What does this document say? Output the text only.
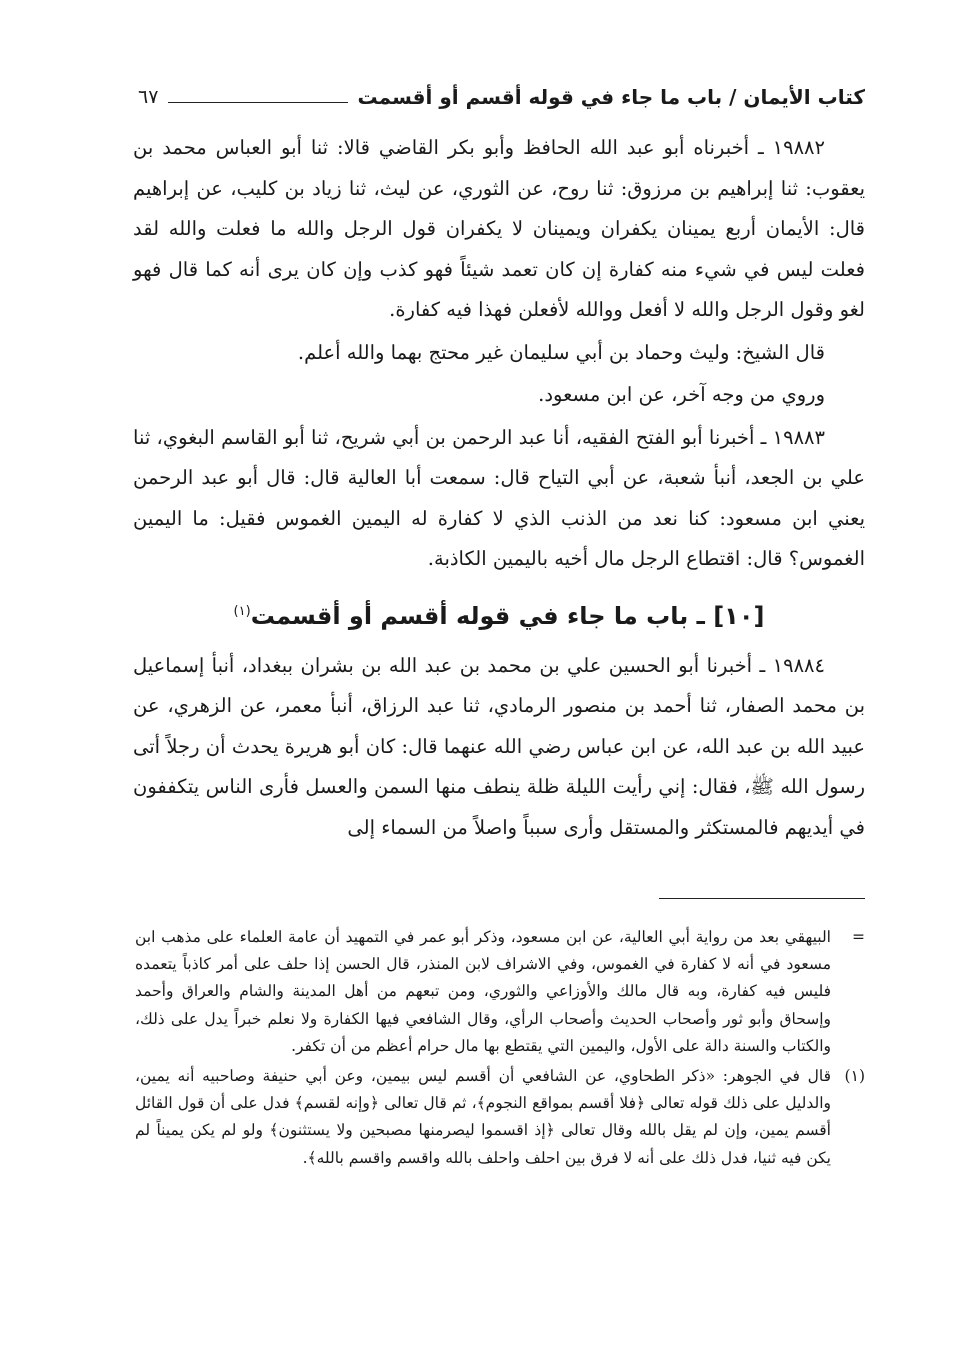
كتاب الأيمان / باب ما جاء في قوله أقسم أو أقسمت
٦٧

١٩٨٨٢ ـ أخبرناه أبو عبد الله الحافظ وأبو بكر القاضي قالا: ثنا أبو العباس محمد بن يعقوب: ثنا إبراهيم بن مرزوق: ثنا روح، عن الثوري، عن ليث، ثنا زياد بن كليب، عن إبراهيم قال: الأيمان أربع يمينان يكفران ويمينان لا يكفران قول الرجل والله ما فعلت والله لقد فعلت ليس في شيء منه كفارة إن كان تعمد شيئاً فهو كذب وإن كان يرى أنه كما قال فهو لغو وقول الرجل والله لا أفعل ووالله لأفعلن فهذا فيه كفارة.

قال الشيخ: وليث وحماد بن أبي سليمان غير محتج بهما والله أعلم.

وروي من وجه آخر، عن ابن مسعود.

١٩٨٨٣ ـ أخبرنا أبو الفتح الفقيه، أنا عبد الرحمن بن أبي شريح، ثنا أبو القاسم البغوي، ثنا علي بن الجعد، أنبأ شعبة، عن أبي التياح قال: سمعت أبا العالية قال: قال أبو عبد الرحمن يعني ابن مسعود: كنا نعد من الذنب الذي لا كفارة له اليمين الغموس فقيل: ما اليمين الغموس؟ قال: اقتطاع الرجل مال أخيه باليمين الكاذبة.

[١٠] ـ باب ما جاء في قوله أقسم أو أقسمت$^{(١)}$

١٩٨٨٤ ـ أخبرنا أبو الحسين علي بن محمد بن عبد الله بن بشران ببغداد، أنبأ إسماعيل بن محمد الصفار، ثنا أحمد بن منصور الرمادي، ثنا عبد الرزاق، أنبأ معمر، عن الزهري، عن عبيد الله بن عبد الله، عن ابن عباس رضي الله عنهما قال: كان أبو هريرة يحدث أن رجلاً أتى رسول الله ﷺ، فقال: إني رأيت الليلة ظلة ينطف منها السمن والعسل فأرى الناس يتكففون في أيديهم فالمستكثر والمستقل وأرى سبباً واصلاً من السماء إلى

=
البيهقي بعد من رواية أبي العالية، عن ابن مسعود، وذكر أبو عمر في التمهيد أن عامة العلماء على مذهب ابن مسعود في أنه لا كفارة في الغموس، وفي الاشراف لابن المنذر، قال الحسن إذا حلف على أمر كاذباً يتعمده فليس فيه كفارة، وبه قال مالك والأوزاعي والثوري، ومن تبعهم من أهل المدينة والشام والعراق وأحمد وإسحاق وأبو ثور وأصحاب الحديث وأصحاب الرأي، وقال الشافعي فيها الكفارة ولا نعلم خبراً يدل على ذلك، والكتاب والسنة دالة على الأول، واليمين التي يقتطع بها مال حرام أعظم من أن تكفر.
(١)
قال في الجوهر: «ذكر الطحاوي، عن الشافعي أن أقسم ليس بيمين، وعن أبي حنيفة وصاحبيه أنه يمين، والدليل على ذلك قوله تعالى ﴿فلا أقسم بمواقع النجوم﴾، ثم قال تعالى ﴿وإنه لقسم﴾ فدل على أن قول القائل أقسم يمين، وإن لم يقل بالله وقال تعالى ﴿إذ اقسموا ليصرمنها مصبحين ولا يستثنون﴾ ولو لم يكن يميناً لم يكن فيه ثنيا، فدل ذلك على أنه لا فرق بين احلف واحلف بالله واقسم واقسم بالله﴾.
